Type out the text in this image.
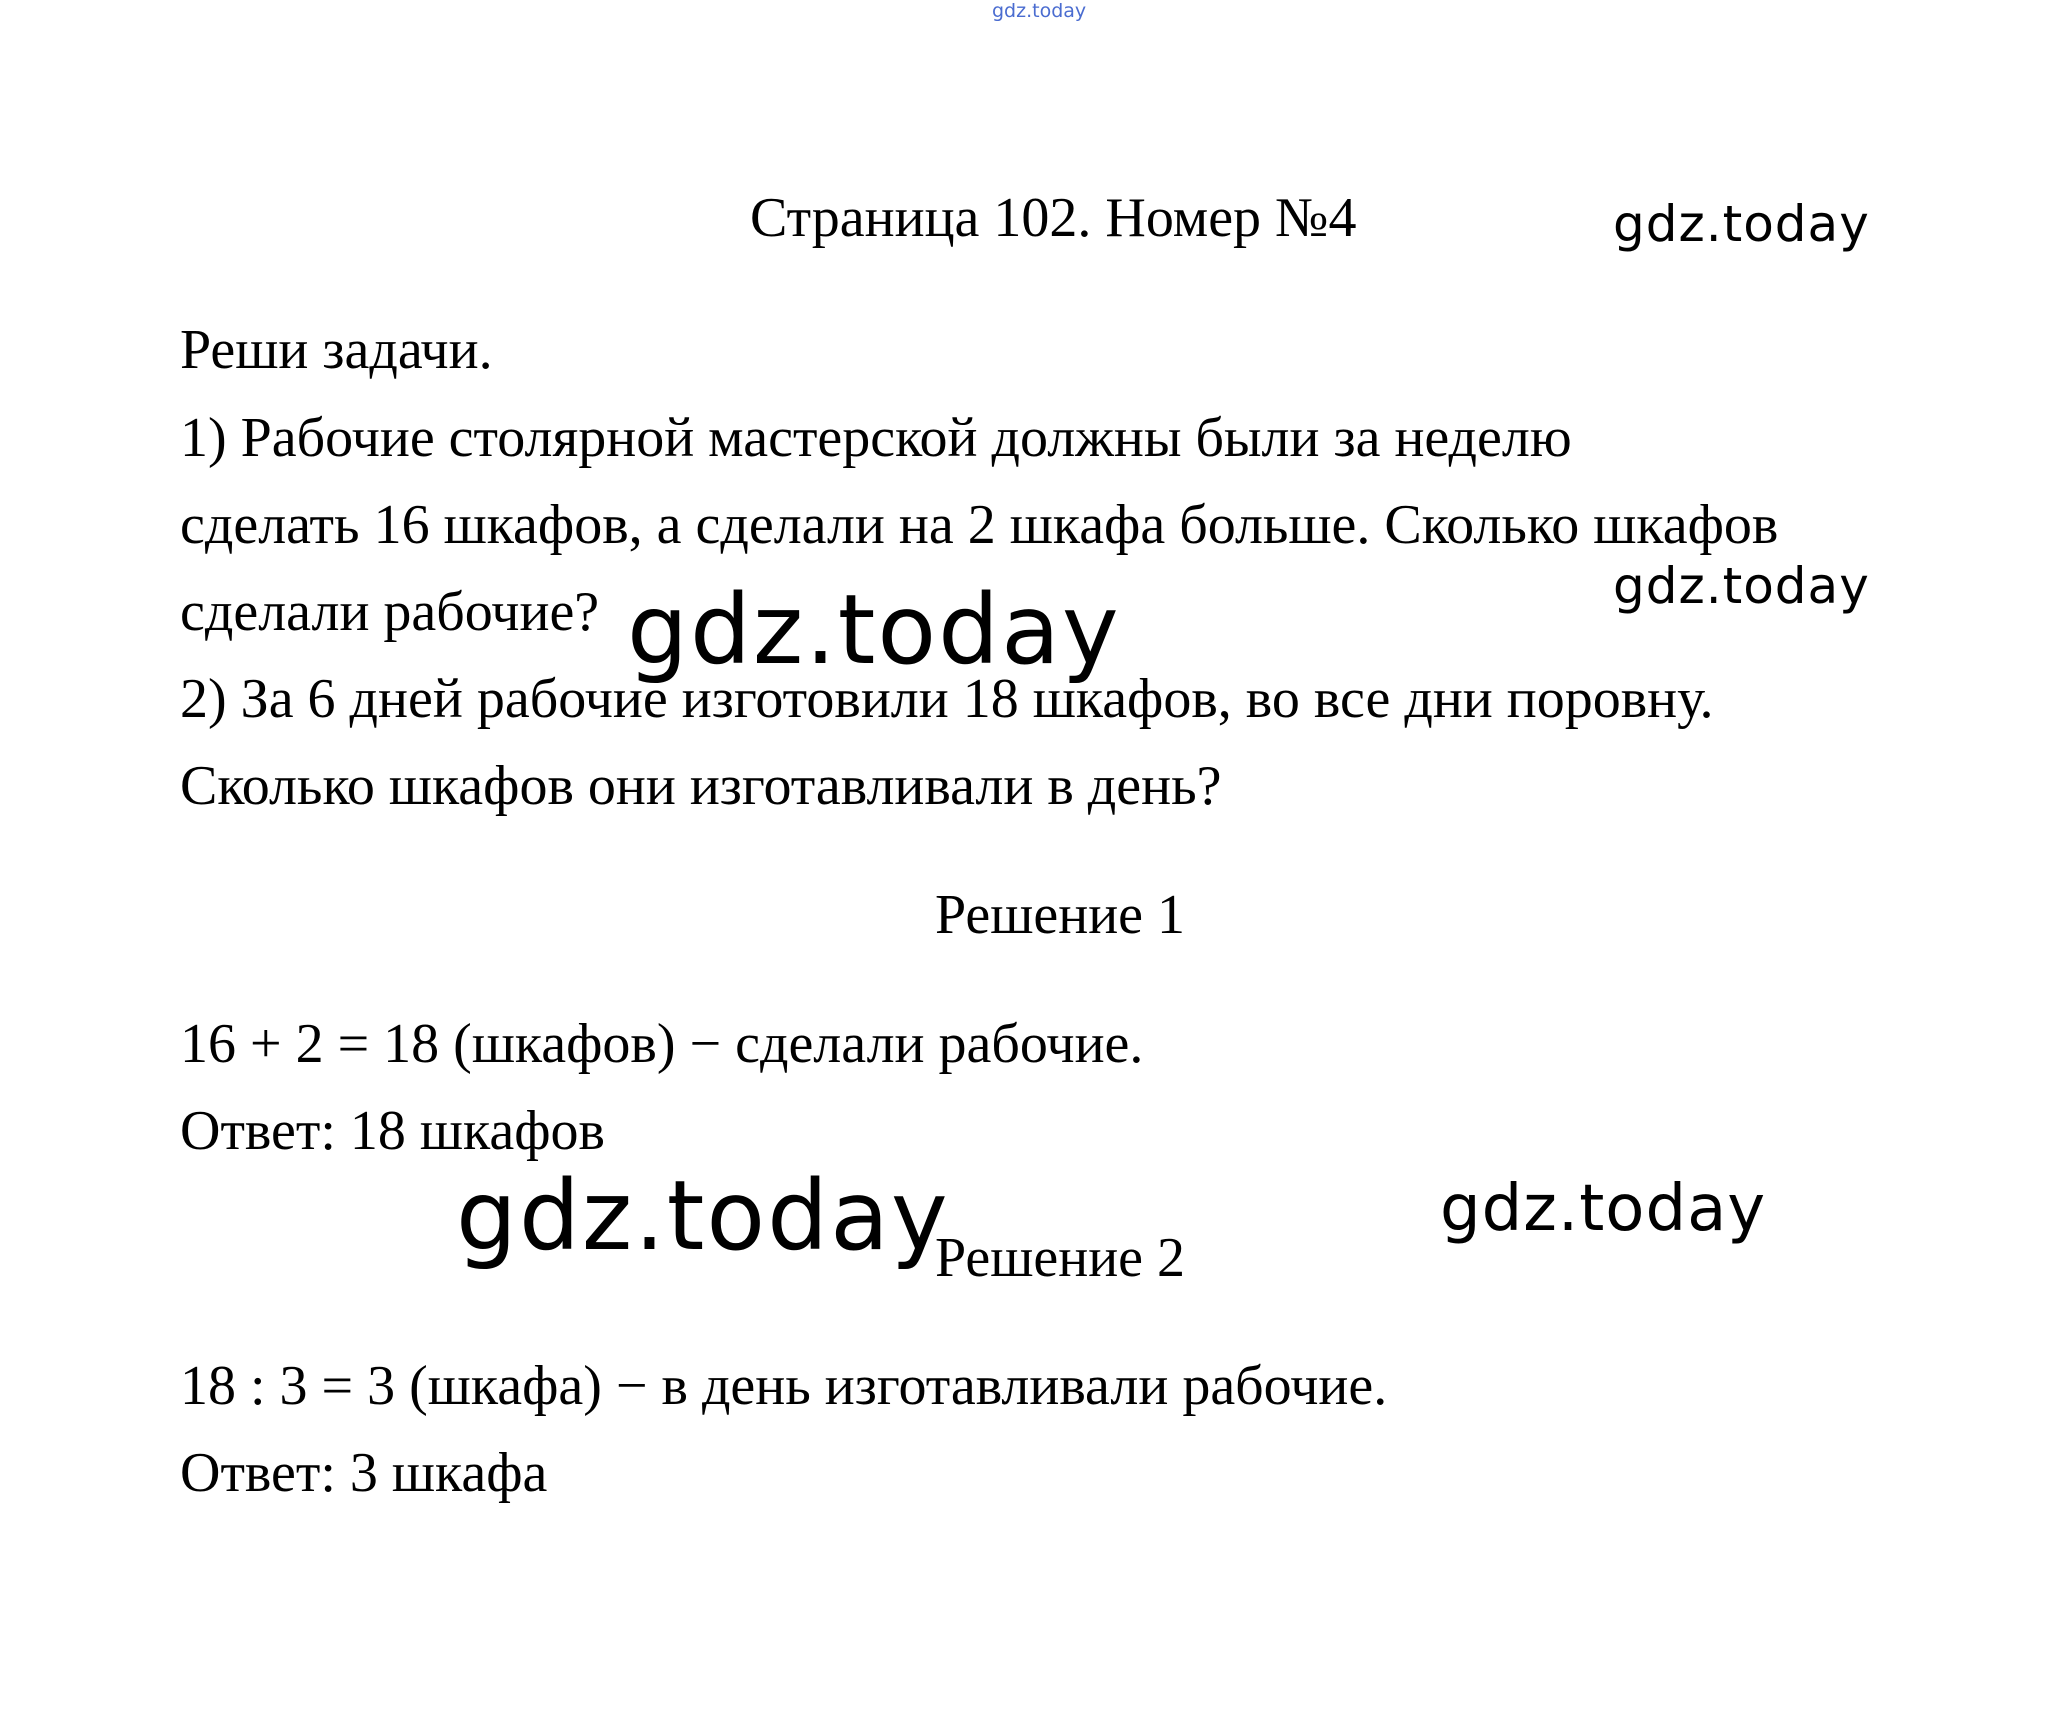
gdz.today
Страница 102. Номер №4	gdz.today
Реши задачи.
1) Рабочие столярной мастерской должны были за неделю
сделать 16 шкафов, а сделали на 2 шкафа больше. Сколько шкафов
gdz.today
сделали рабочие? gdz.today
2) За 6 дней рабочие изготовили 18 шкафов, во все дни поровну.
Сколько шкафов они изготавливали в день?
Решение 1
16 + 2 = 18 (шкафов) − сделали рабочие.
Ответ: 18 шкафов
gdz.today
Решение 2
gdz.today
18 : 3 = 3 (шкафа) − в день изготавливали рабочие.
Ответ: 3 шкафа
